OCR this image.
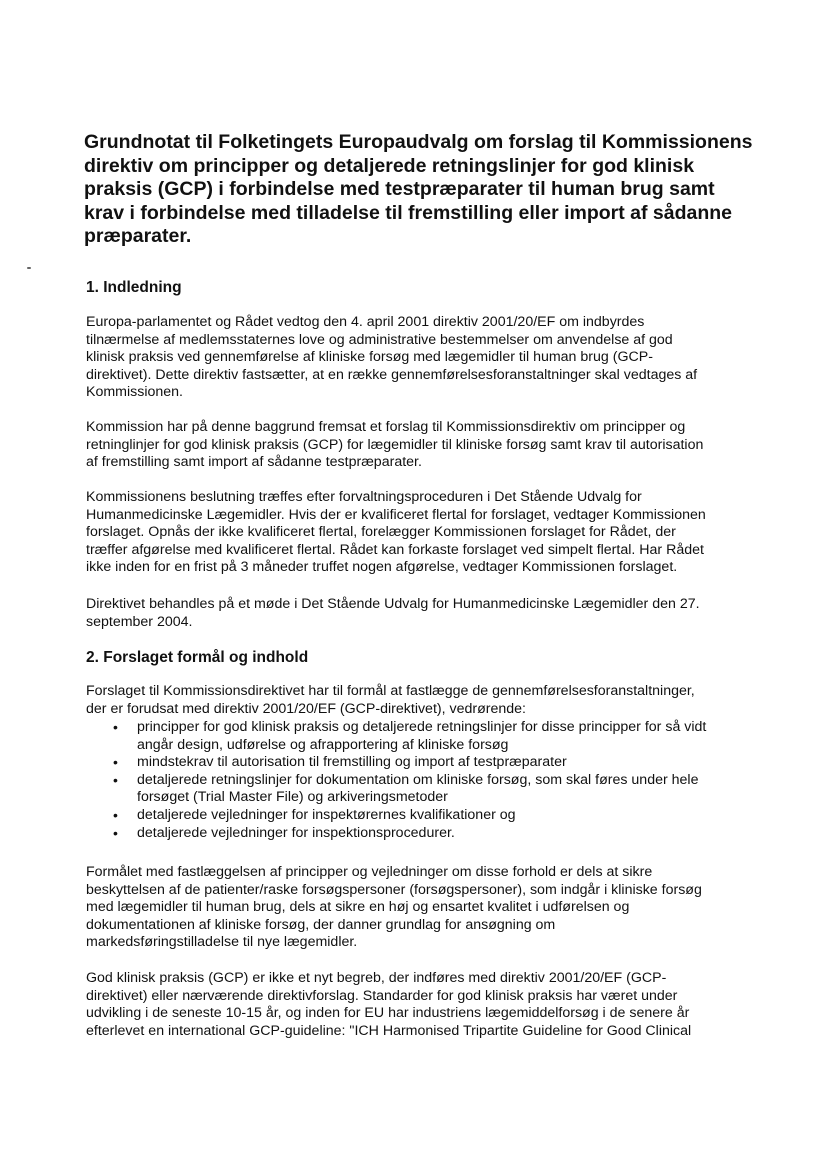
Grundnotat til Folketingets Europaudvalg om forslag til Kommissionens
direktiv om principper og detaljerede retningslinjer for god klinisk
praksis (GCP) i forbindelse med testpræparater til human brug samt
krav i forbindelse med tilladelse til fremstilling eller import af sådanne
præparater.
1. Indledning

Europa-parlamentet og Rådet vedtog den 4. april 2001 direktiv 2001/20/EF om indbyrdes
tilnærmelse af medlemsstaternes love og administrative bestemmelser om anvendelse af god
klinisk praksis ved gennemførelse af kliniske forsøg med lægemidler til human brug (GCP-
direktivet). Dette direktiv fastsætter, at en række gennemførelsesforanstaltninger skal vedtages af
Kommissionen.

Kommission har på denne baggrund fremsat et forslag til Kommissionsdirektiv om principper og
retninglinjer for god klinisk praksis (GCP) for lægemidler til kliniske forsøg samt krav til autorisation
af fremstilling samt import af sådanne testpræparater.

Kommissionens beslutning træffes efter forvaltningsproceduren i Det Stående Udvalg for
Humanmedicinske Lægemidler. Hvis der er kvalificeret flertal for forslaget, vedtager Kommissionen
forslaget. Opnås der ikke kvalificeret flertal, forelægger Kommissionen forslaget for Rådet, der
træffer afgørelse med kvalificeret flertal. Rådet kan forkaste forslaget ved simpelt flertal. Har Rådet
ikke inden for en frist på 3 måneder truffet nogen afgørelse, vedtager Kommissionen forslaget.

Direktivet behandles på et møde i Det Stående Udvalg for Humanmedicinske Lægemidler den 27.
september 2004.

2. Forslaget formål og indhold

Forslaget til Kommissionsdirektivet har til formål at fastlægge de gennemførelsesforanstaltninger,
der er forudsat med direktiv 2001/20/EF (GCP-direktivet), vedrørende:

• principper for god klinisk praksis og detaljerede retningslinjer for disse principper for så vidt
angår design, udførelse og afrapportering af kliniske forsøg
• mindstekrav til autorisation til fremstilling og import af testpræparater
• detaljerede retningslinjer for dokumentation om kliniske forsøg, som skal føres under hele
forsøget (Trial Master File) og arkiveringsmetoder
• detaljerede vejledninger for inspektørernes kvalifikationer og
• detaljerede vejledninger for inspektionsprocedurer.

Formålet med fastlæggelsen af principper og vejledninger om disse forhold er dels at sikre
beskyttelsen af de patienter/raske forsøgspersoner (forsøgspersoner), som indgår i kliniske forsøg
med lægemidler til human brug, dels at sikre en høj og ensartet kvalitet i udførelsen og
dokumentationen af kliniske forsøg, der danner grundlag for ansøgning om
markedsføringstilladelse til nye lægemidler.

God klinisk praksis (GCP) er ikke et nyt begreb, der indføres med direktiv 2001/20/EF (GCP-
direktivet) eller nærværende direktivforslag. Standarder for god klinisk praksis har været under
udvikling i de seneste 10-15 år, og inden for EU har industriens lægemiddelforsøg i de senere år
efterlevet en international GCP-guideline: "ICH Harmonised Tripartite Guideline for Good Clinical
